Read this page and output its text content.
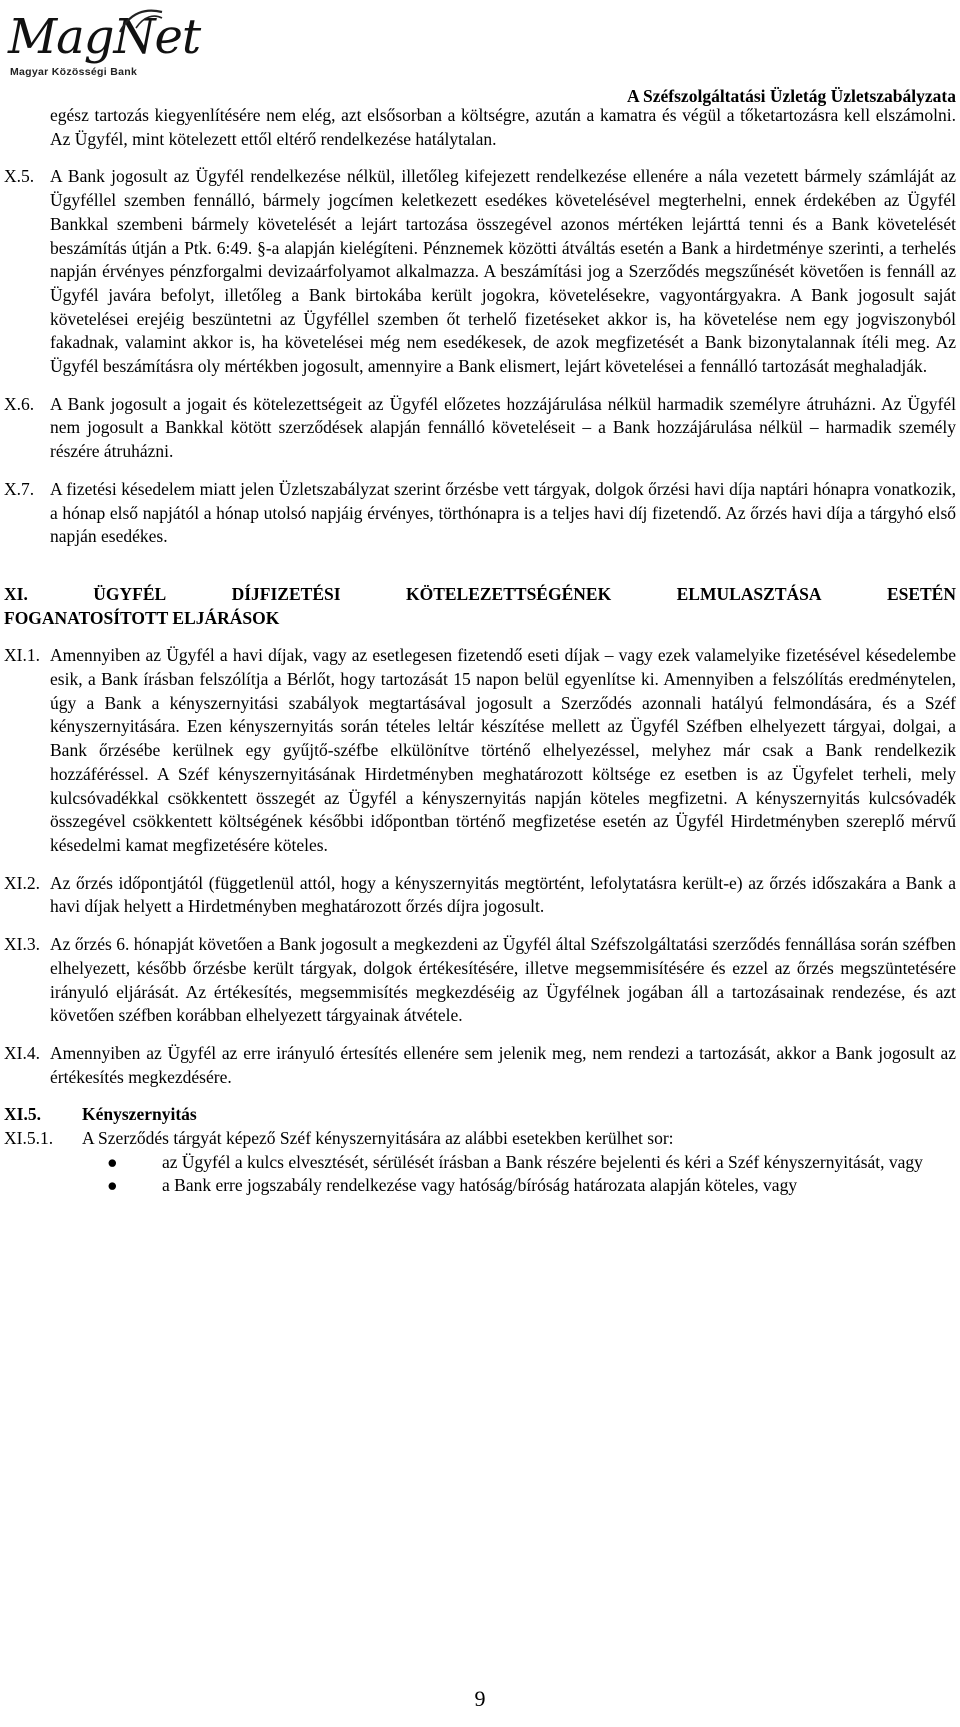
MagNet
Magyar Közösségi Bank
A Széfszolgáltatási Üzletág Üzletszabályzata
egész tartozás kiegyenlítésére nem elég, azt elsősorban a költségre, azután a kamatra és végül a tőketartozásra kell elszámolni. Az Ügyfél, mint kötelezett ettől eltérő rendelkezése hatálytalan.
X.5. A Bank jogosult az Ügyfél rendelkezése nélkül, illetőleg kifejezett rendelkezése ellenére a nála vezetett bármely számláját az Ügyféllel szemben fennálló, bármely jogcímen keletkezett esedékes követelésével megterhelni, ennek érdekében az Ügyfél Bankkal szembeni bármely követelését a lejárt tartozása összegével azonos mértéken lejárttá tenni és a Bank követelését beszámítás útján a Ptk. 6:49. §-a alapján kielégíteni. Pénznemek közötti átváltás esetén a Bank a hirdetménye szerinti, a terhelés napján érvényes pénzforgalmi devizaárfolyamot alkalmazza. A beszámítási jog a Szerződés megszűnését követően is fennáll az Ügyfél javára befolyt, illetőleg a Bank birtokába került jogokra, követelésekre, vagyontárgyakra. A Bank jogosult saját követelései erejéig beszüntetni az Ügyféllel szemben őt terhelő fizetéseket akkor is, ha követelése nem egy jogviszonyból fakadnak, valamint akkor is, ha követelései még nem esedékesek, de azok megfizetését a Bank bizonytalannak ítéli meg. Az Ügyfél beszámításra oly mértékben jogosult, amennyire a Bank elismert, lejárt követelései a fennálló tartozását meghaladják.
X.6. A Bank jogosult a jogait és kötelezettségeit az Ügyfél előzetes hozzájárulása nélkül harmadik személyre átruházni. Az Ügyfél nem jogosult a Bankkal kötött szerződések alapján fennálló követeléseit – a Bank hozzájárulása nélkül – harmadik személy részére átruházni.
X.7. A fizetési késedelem miatt jelen Üzletszabályzat szerint őrzésbe vett tárgyak, dolgok őrzési havi díja naptári hónapra vonatkozik, a hónap első napjától a hónap utolsó napjáig érvényes, törthónapra is a teljes havi díj fizetendő. Az őrzés havi díja a tárgyhó első napján esedékes.
XI.	ÜGYFÉL	DÍJFIZETÉSI	KÖTELEZETTSÉGÉNEK	ELMULASZTÁSA	ESETÉN
FOGANATOSÍTOTT ELJÁRÁSOK
XI.1. Amennyiben az Ügyfél a havi díjak, vagy az esetlegesen fizetendő eseti díjak – vagy ezek valamelyike fizetésével késedelembe esik, a Bank írásban felszólítja a Bérlőt, hogy tartozását 15 napon belül egyenlítse ki. Amennyiben a felszólítás eredménytelen, úgy a Bank a kényszernyitási szabályok megtartásával jogosult a Szerződés azonnali hatályú felmondására, és a Széf kényszernyitására. Ezen kényszernyitás során tételes leltár készítése mellett az Ügyfél Széfben elhelyezett tárgyai, dolgai, a Bank őrzésébe kerülnek egy gyűjtő-széfbe elkülönítve történő elhelyezéssel, melyhez már csak a Bank rendelkezik hozzáféréssel. A Széf kényszernyitásának Hirdetményben meghatározott költsége ez esetben is az Ügyfelet terheli, mely kulcsóvadékkal csökkentett összegét az Ügyfél a kényszernyitás napján köteles megfizetni. A kényszernyitás kulcsóvadék összegével csökkentett költségének későbbi időpontban történő megfizetése esetén az Ügyfél Hirdetményben szereplő mérvű késedelmi kamat megfizetésére köteles.
XI.2. Az őrzés időpontjától (függetlenül attól, hogy a kényszernyitás megtörtént, lefolytatásra került-e) az őrzés időszakára a Bank a havi díjak helyett a Hirdetményben meghatározott őrzés díjra jogosult.
XI.3. Az őrzés 6. hónapját követően a Bank jogosult a megkezdeni az Ügyfél által Széfszolgáltatási szerződés fennállása során széfben elhelyezett, később őrzésbe került tárgyak, dolgok értékesítésére, illetve megsemmisítésére és ezzel az őrzés megszüntetésére irányuló eljárását. Az értékesítés, megsemmisítés megkezdéséig az Ügyfélnek jogában áll a tartozásainak rendezése, és azt követően széfben korábban elhelyezett tárgyainak átvétele.
XI.4. Amennyiben az Ügyfél az erre irányuló értesítés ellenére sem jelenik meg, nem rendezi a tartozását, akkor a Bank jogosult az értékesítés megkezdésére.
XI.5.	Kényszernyitás
XI.5.1.	A Szerződés tárgyát képező Széf kényszernyitására az alábbi esetekben kerülhet sor:
●	az Ügyfél a kulcs elvesztését, sérülését írásban a Bank részére bejelenti és kéri a Széf kényszernyitását, vagy
●	a Bank erre jogszabály rendelkezése vagy hatóság/bíróság határozata alapján köteles, vagy
9
